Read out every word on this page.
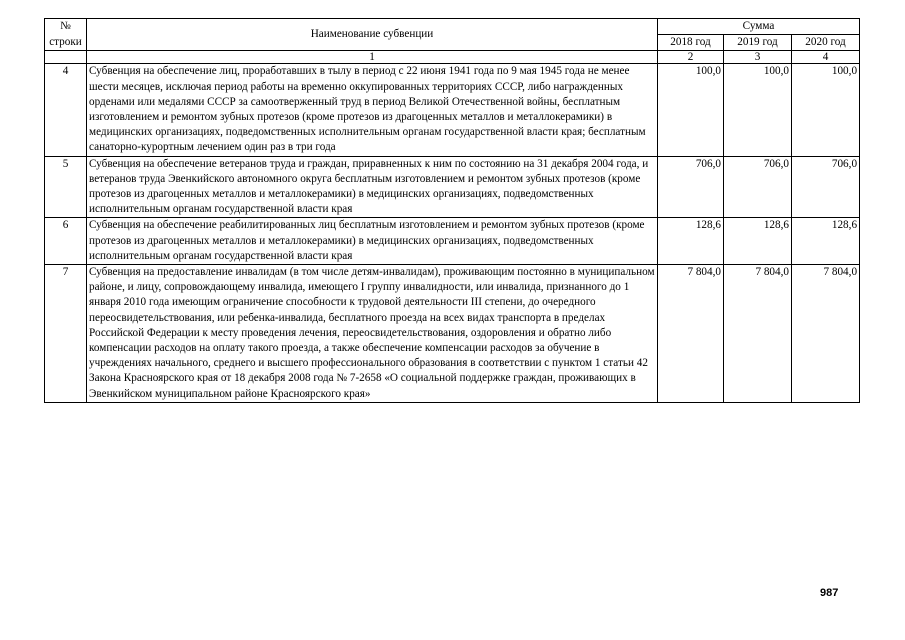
№
строки	Наименование субвенции	Сумма		
		2018 год	2019 год	2020 год
	1	2	3	4
4	Субвенция на обеспечение лиц, проработавших в тылу в период с 22 июня 1941 года по 9 мая 1945 года не менее шести месяцев, исключая период работы на временно оккупированных территориях СССР, либо награжденных орденами или медалями СССР за самоотверженный труд в период Великой Отечественной войны, бесплатным изготовлением и ремонтом зубных протезов (кроме протезов из драгоценных металлов и металлокерамики) в медицинских организациях, подведомственных исполнительным органам государственной власти края; бесплатным санаторно-курортным лечением один раз в три года	100,0	100,0	100,0
5	Субвенция на обеспечение ветеранов труда и граждан, приравненных к ним по состоянию на 31 декабря 2004 года, и ветеранов труда Эвенкийского автономного округа бесплатным изготовлением и ремонтом зубных протезов (кроме протезов из драгоценных металлов и металлокерамики) в медицинских организациях, подведомственных исполнительным органам государственной власти края	706,0	706,0	706,0
6	Субвенция на обеспечение реабилитированных лиц бесплатным изготовлением и ремонтом зубных протезов (кроме протезов из драгоценных металлов и металлокерамики) в медицинских организациях, подведомственных исполнительным органам государственной власти края	128,6	128,6	128,6
7	Субвенция на предоставление инвалидам (в том числе детям-инвалидам), проживающим постоянно в муниципальном районе, и лицу, сопровождающему инвалида, имеющего I группу инвалидности, или инвалида, признанного до 1 января 2010 года имеющим ограничение способности к трудовой деятельности III степени, до очередного переосвидетельствования, или ребенка-инвалида, бесплатного проезда на всех видах транспорта в пределах Российской Федерации к месту проведения лечения, переосвидетельствования, оздоровления и обратно либо компенсации расходов на оплату такого проезда, а также обеспечение компенсации расходов за обучение в учреждениях начального, среднего и высшего профессионального образования в соответствии с пунктом 1 статьи 42 Закона Красноярского края от 18 декабря 2008 года № 7-2658 «О социальной поддержке граждан, проживающих в Эвенкийском муниципальном районе Красноярского края»	7 804,0	7 804,0	7 804,0
987
